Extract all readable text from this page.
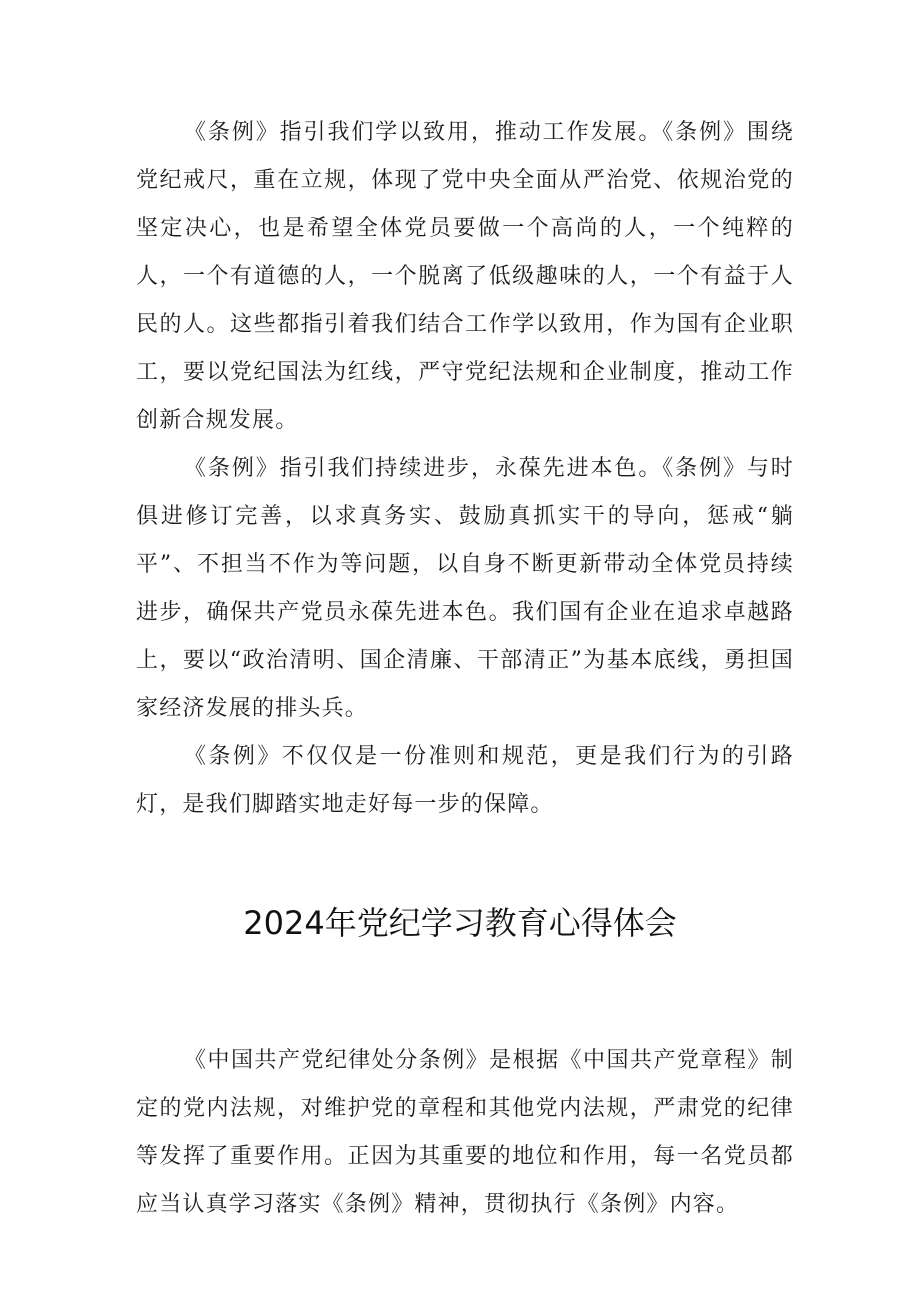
《条例》指引我们学以致用，推动工作发展。《条例》围绕党纪戒尺，重在立规，体现了党中央全面从严治党、依规治党的坚定决心，也是希望全体党员要做一个高尚的人，一个纯粹的人，一个有道德的人，一个脱离了低级趣味的人，一个有益于人民的人。这些都指引着我们结合工作学以致用，作为国有企业职工，要以党纪国法为红线，严守党纪法规和企业制度，推动工作创新合规发展。

《条例》指引我们持续进步，永葆先进本色。《条例》与时俱进修订完善，以求真务实、鼓励真抓实干的导向，惩戒“躺平”、不担当不作为等问题，以自身不断更新带动全体党员持续进步，确保共产党员永葆先进本色。我们国有企业在追求卓越路上，要以“政治清明、国企清廉、干部清正”为基本底线，勇担国家经济发展的排头兵。

《条例》不仅仅是一份准则和规范，更是我们行为的引路灯，是我们脚踏实地走好每一步的保障。

2024年党纪学习教育心得体会

《中国共产党纪律处分条例》是根据《中国共产党章程》制定的党内法规，对维护党的章程和其他党内法规，严肃党的纪律等发挥了重要作用。正因为其重要的地位和作用，每一名党员都应当认真学习落实《条例》精神，贯彻执行《条例》内容。
